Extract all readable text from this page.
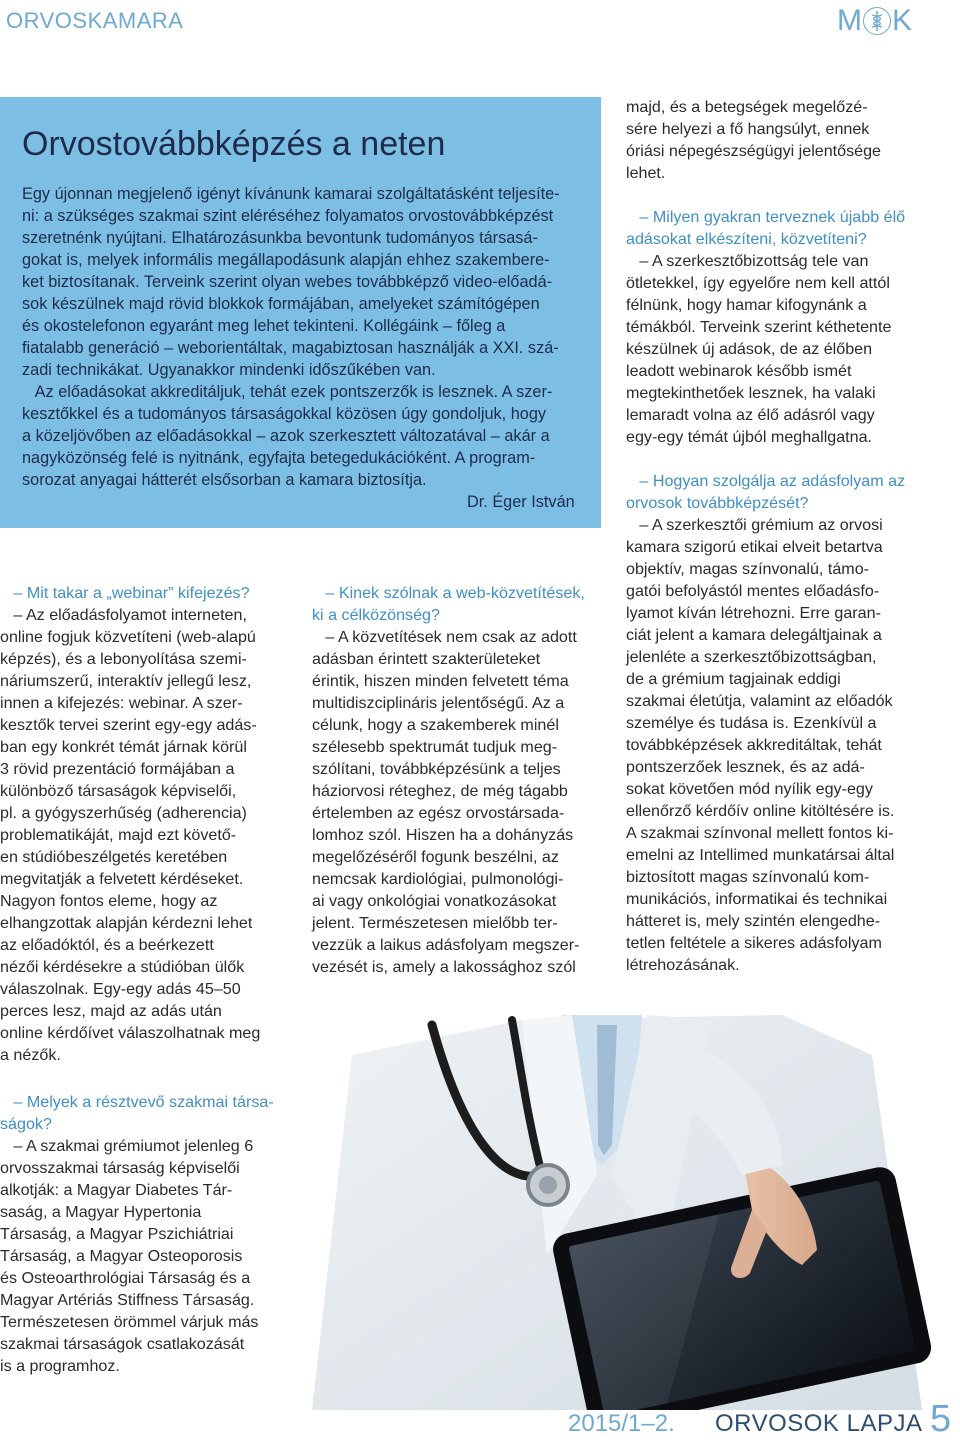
ORVOSKAMARA	M K
Orvostovábbképzés a neten
Egy újonnan megjelenő igényt kívánunk kamarai szolgáltatásként teljesíte-
ni: a szükséges szakmai szint eléréséhez folyamatos orvostovábbképzést
szeretnénk nyújtani. Elhatározásunkba bevontunk tudományos társasá-
gokat is, melyek informális megállapodásunk alapján ehhez szakembere-
ket biztosítanak. Terveink szerint olyan webes továbbképző video-előadá-
sok készülnek majd rövid blokkok formájában, amelyeket számítógépen
és okostelefonon egyaránt meg lehet tekinteni. Kollégáink – főleg a
fiatalabb generáció – weborientáltak, magabiztosan használják a XXI. szá-
zadi technikákat. Ugyanakkor mindenki időszűkében van.
Az előadásokat akkreditáljuk, tehát ezek pontszerzők is lesznek. A szer-
kesztőkkel és a tudományos társaságokkal közösen úgy gondoljuk, hogy
a közeljövőben az előadásokkal – azok szerkesztett változatával – akár a
nagyközönség felé is nyitnánk, egyfajta betegedukációként. A program-
sorozat anyagai hátterét elsősorban a kamara biztosítja.
Dr. Éger István
– Mit takar a „webinar” kifejezés?
– Az előadásfolyamot interneten,
online fogjuk közvetíteni (web-alapú
képzés), és a lebonyolítása szemi-
náriumszerű, interaktív jellegű lesz,
innen a kifejezés: webinar. A szer-
kesztők tervei szerint egy-egy adás-
ban egy konkrét témát járnak körül
3 rövid prezentáció formájában a
különböző társaságok képviselői,
pl. a gyógyszerhűség (adherencia)
problematikáját, majd ezt követő-
en stúdióbeszélgetés keretében
megvitatják a felvetett kérdéseket.
Nagyon fontos eleme, hogy az
elhangzottak alapján kérdezni lehet
az előadóktól, és a beérkezett
nézői kérdésekre a stúdióban ülők
válaszolnak. Egy-egy adás 45–50
perces lesz, majd az adás után
online kérdőívet válaszolhatnak meg
a nézők.
– Melyek a résztvevő szakmai társa-
ságok?
– A szakmai grémiumot jelenleg 6
orvosszakmai társaság képviselői
alkotják: a Magyar Diabetes Tár-
saság, a Magyar Hypertonia
Társaság, a Magyar Pszichiátriai
Társaság, a Magyar Osteoporosis
és Osteoarthrológiai Társaság és a
Magyar Artériás Stiffness Társaság.
Természetesen örömmel várjuk más
szakmai társaságok csatlakozását
is a programhoz.
– Kinek szólnak a web-közvetítések,
ki a célközönség?
– A közvetítések nem csak az adott
adásban érintett szakterületeket
érintik, hiszen minden felvetett téma
multidiszciplináris jelentőségű. Az a
célunk, hogy a szakemberek minél
szélesebb spektrumát tudjuk meg-
szólítani, továbbképzésünk a teljes
háziorvosi réteghez, de még tágabb
értelemben az egész orvostársada-
lomhoz szól. Hiszen ha a dohányzás
megelőzéséről fogunk beszélni, az
nemcsak kardiológiai, pulmonológi-
ai vagy onkológiai vonatkozásokat
jelent. Természetesen mielőbb ter-
vezzük a laikus adásfolyam megszer-
vezését is, amely a lakossághoz szól
majd, és a betegségek megelőzé-
sére helyezi a fő hangsúlyt, ennek
óriási népegészségügyi jelentősége
lehet.
– Milyen gyakran terveznek újabb élő
adásokat elkészíteni, közvetíteni?
– A szerkesztőbizottság tele van
ötletekkel, így egyelőre nem kell attól
félnünk, hogy hamar kifogynánk a
témákból. Terveink szerint kéthetente
készülnek új adások, de az élőben
leadott webinarok később ismét
megtekinthetőek lesznek, ha valaki
lemaradt volna az élő adásról vagy
egy-egy témát újból meghallgatna.
– Hogyan szolgálja az adásfolyam az
orvosok továbbképzését?
– A szerkesztői grémium az orvosi
kamara szigorú etikai elveit betartva
objektív, magas színvonalú, támo-
gatói befolyástól mentes előadásfo-
lyamot kíván létrehozni. Erre garan-
ciát jelent a kamara delegáltjainak a
jelenléte a szerkesztőbizottságban,
de a grémium tagjainak eddigi
szakmai életútja, valamint az előadók
személye és tudása is. Ezenkívül a
továbbképzések akkreditáltak, tehát
pontszerzőek lesznek, és az adá-
sokat követően mód nyílik egy-egy
ellenőrző kérdőív online kitöltésére is.
A szakmai színvonal mellett fontos ki-
emelni az Intellimed munkatársai által
biztosított magas színvonalú kom-
munikációs, informatikai és technikai
hátteret is, mely szintén elengedhe-
tetlen feltétele a sikeres adásfolyam
létrehozásának.
2015/1–2. ORVOSOK LAPJA 5
